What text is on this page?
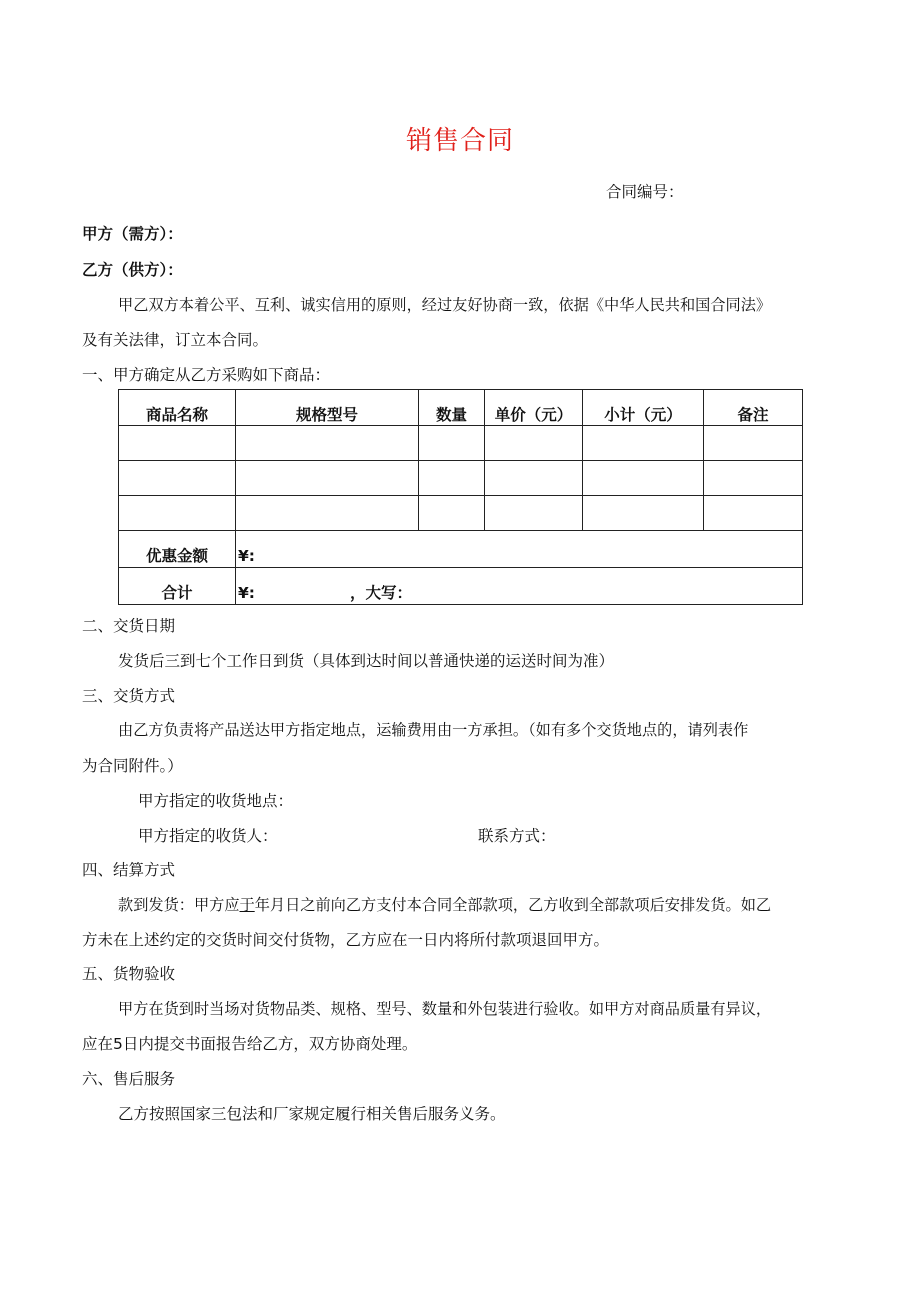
销售合同
合同编号：
甲方（需方）：
乙方（供方）：
甲乙双方本着公平、互利、诚实信用的原则，经过友好协商一致，依据《中华人民共和国合同法》
及有关法律，订立本合同。
一、甲方确定从乙方采购如下商品：
商品名称	规格型号	数量	单价（元）	小计（元）	备注

优惠金额	¥:				
合计	¥: ，大写：				
二、交货日期
发货后三到七个工作日到货（具体到达时间以普通快递的运送时间为准）
三、交货方式
由乙方负责将产品送达甲方指定地点，运输费用由一方承担。（如有多个交货地点的，请列表作
为合同附件。）
甲方指定的收货地点：
甲方指定的收货人：	联系方式：
四、结算方式
款到发货：甲方应于年月日之前向乙方支付本合同全部款项，乙方收到全部款项后安排发货。如乙
方未在上述约定的交货时间交付货物，乙方应在一日内将所付款项退回甲方。
五、货物验收
甲方在货到时当场对货物品类、规格、型号、数量和外包装进行验收。如甲方对商品质量有异议，
应在5日内提交书面报告给乙方，双方协商处理。
六、售后服务
乙方按照国家三包法和厂家规定履行相关售后服务义务。
